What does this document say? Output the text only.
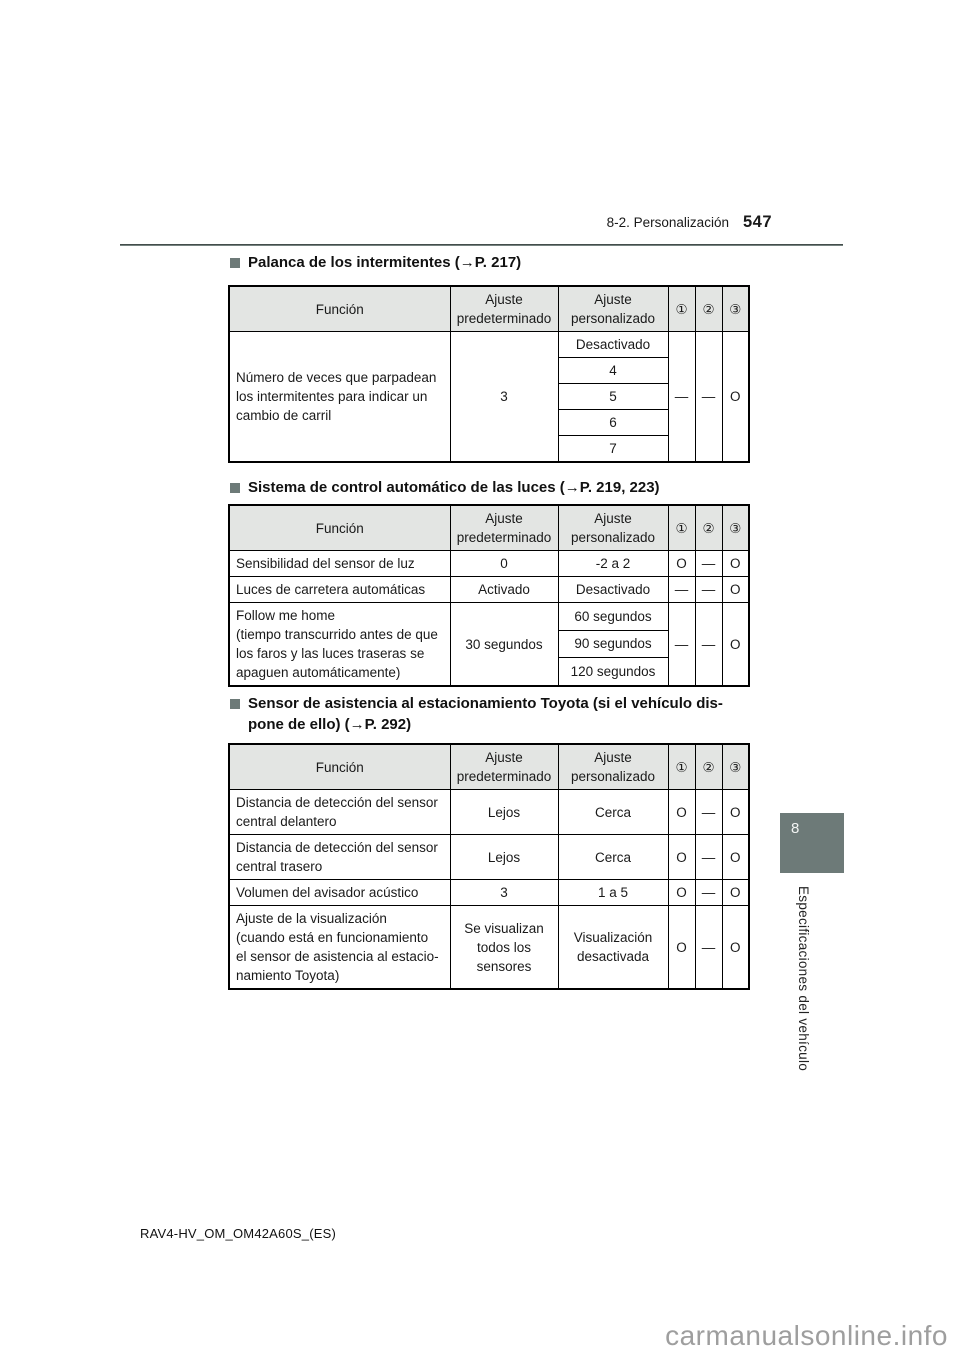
8-2. Personalización 547
Palanca de los intermitentes (→P. 217)
Función	Ajuste
predeterminado	Ajuste
personalizado	①	②	③
Número de veces que parpadean
los intermitentes para indicar un
cambio de carril	3	Desactivado	—	—	O
		4			
		5			
		6			
		7			
Sistema de control automático de las luces (→P. 219, 223)
Función	Ajuste
predeterminado	Ajuste
personalizado	①	②	③
Sensibilidad del sensor de luz	0	-2 a 2	O	—	O
Luces de carretera automáticas	Activado	Desactivado	—	—	O
Follow me home
(tiempo transcurrido antes de que
los faros y las luces traseras se
apaguen automáticamente)	30 segundos	60 segundos	—	—	O
		90 segundos			
		120 segundos			
Sensor de asistencia al estacionamiento Toyota (si el vehículo dis-
pone de ello) (→P. 292)
Función	Ajuste
predeterminado	Ajuste
personalizado	①	②	③
Distancia de detección del sensor
central delantero	Lejos	Cerca	O	—	O
Distancia de detección del sensor
central trasero	Lejos	Cerca	O	—	O
Volumen del avisador acústico	3	1 a 5	O	—	O
Ajuste de la visualización
(cuando está en funcionamiento
el sensor de asistencia al estacio-
namiento Toyota)	Se visualizan
todos los
sensores	Visualización
desactivada	O	—	O
8
Especificaciones del vehículo
RAV4-HV_OM_OM42A60S_(ES)
carmanualsonline.info
